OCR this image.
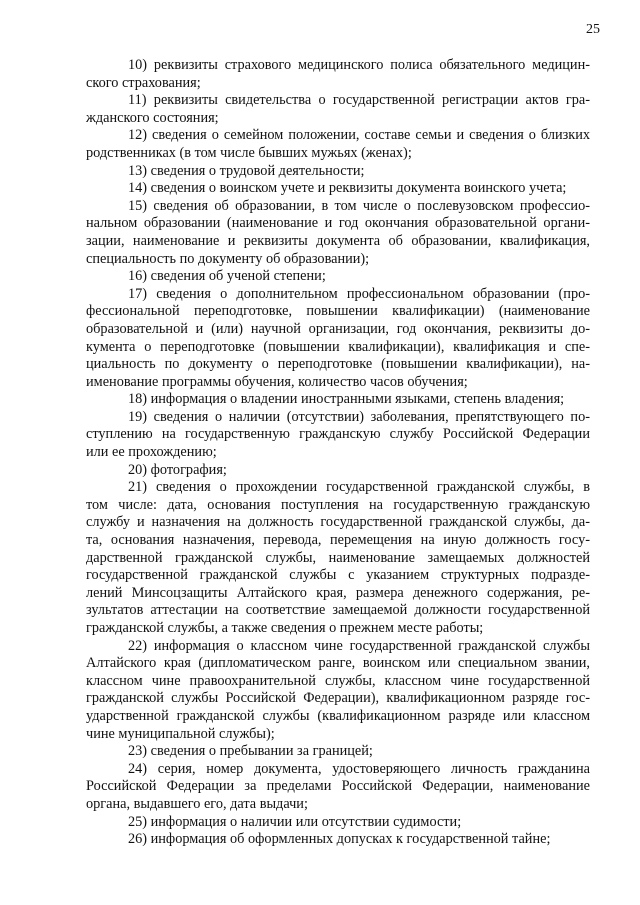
25

10) реквизиты страхового медицинского полиса обязательного медицин-
ского страхования;

11) реквизиты свидетельства о государственной регистрации актов гра-
жданского состояния;

12) сведения о семейном положении, составе семьи и сведения о близких
родственниках (в том числе бывших мужьях (женах);

13) сведения о трудовой деятельности;

14) сведения о воинском учете и реквизиты документа воинского учета;

15) сведения об образовании, в том числе о послевузовском профессио-
нальном образовании (наименование и год окончания образовательной органи-
зации, наименование и реквизиты документа об образовании, квалификация,
специальность по документу об образовании);

16) сведения об ученой степени;

17) сведения о дополнительном профессиональном образовании (про-
фессиональной переподготовке, повышении квалификации) (наименование
образовательной и (или) научной организации, год окончания, реквизиты до-
кумента о переподготовке (повышении квалификации), квалификация и спе-
циальность по документу о переподготовке (повышении квалификации), на-
именование программы обучения, количество часов обучения;

18) информация о владении иностранными языками, степень владения;

19) сведения о наличии (отсутствии) заболевания, препятствующего по-
ступлению на государственную гражданскую службу Российской Федерации
или ее прохождению;

20) фотография;

21) сведения о прохождении государственной гражданской службы, в
том числе: дата, основания поступления на государственную гражданскую
службу и назначения на должность государственной гражданской службы, да-
та, основания назначения, перевода, перемещения на иную должность госу-
дарственной гражданской службы, наименование замещаемых должностей
государственной гражданской службы с указанием структурных подразде-
лений Минсоцзащиты Алтайского края, размера денежного содержания, ре-
зультатов аттестации на соответствие замещаемой должности государственной
гражданской службы, а также сведения о прежнем месте работы;

22) информация о классном чине государственной гражданской службы
Алтайского края (дипломатическом ранге, воинском или специальном звании,
классном чине правоохранительной службы, классном чине государственной
гражданской службы Российской Федерации), квалификационном разряде гос-
ударственной гражданской службы (квалификационном разряде или классном
чине муниципальной службы);

23) сведения о пребывании за границей;

24) серия, номер документа, удостоверяющего личность гражданина
Российской Федерации за пределами Российской Федерации, наименование
органа, выдавшего его, дата выдачи;

25) информация о наличии или отсутствии судимости;

26) информация об оформленных допусках к государственной тайне;
